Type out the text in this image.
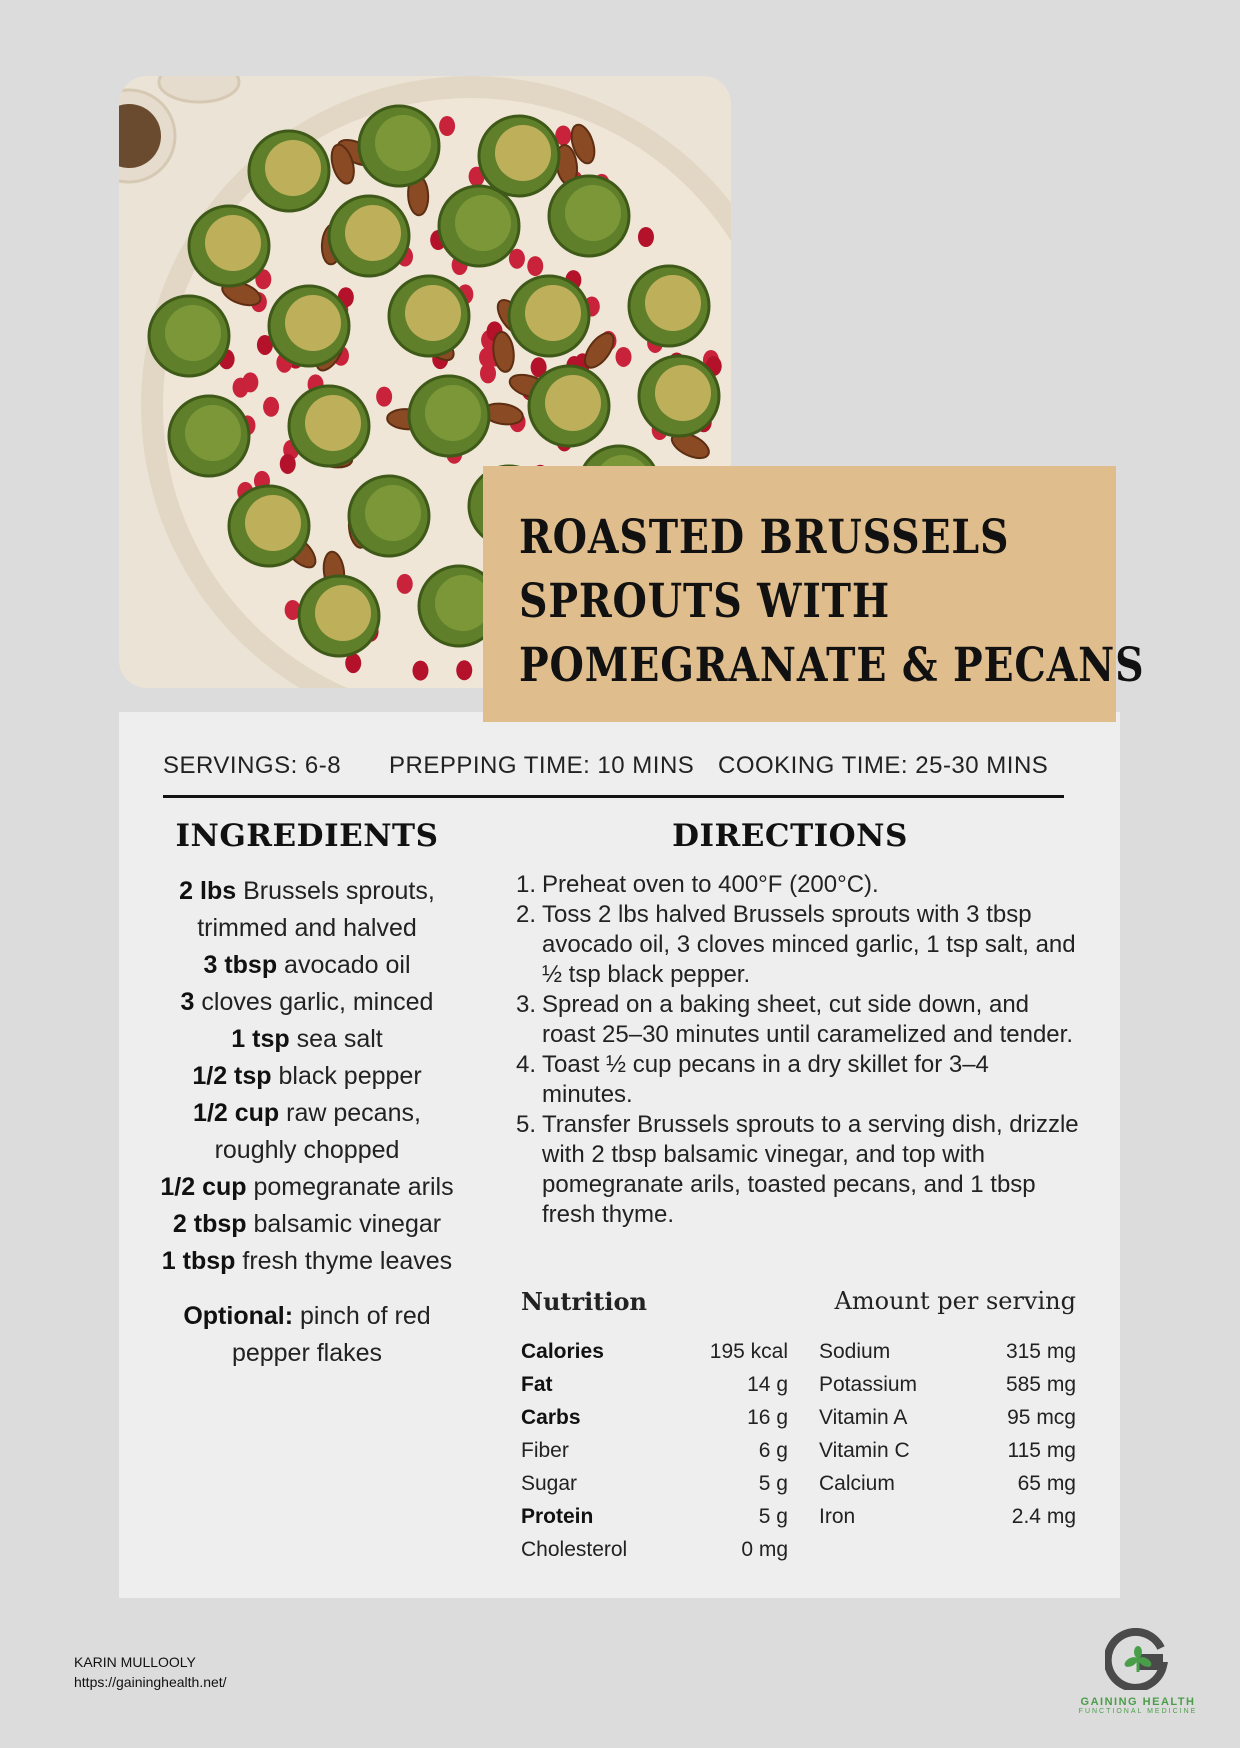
ROASTED BRUSSELS
SPROUTS WITH
POMEGRANATE & PECANS
SERVINGS: 6-8 PREPPING TIME: 10 MINS COOKING TIME: 25-30 MINS
INGREDIENTS	DIRECTIONS

2 lbs Brussels sprouts, trimmed and halved

3 tbsp avocado oil

3 cloves garlic, minced

1 tsp sea salt

1/2 tsp black pepper

1/2 cup raw pecans, roughly chopped

1/2 cup pomegranate arils

2 tbsp balsamic vinegar

1 tbsp fresh thyme leaves

Optional: pinch of red pepper flakes

1. Preheat oven to 400°F (200°C).
2. Toss 2 lbs halved Brussels sprouts with 3 tbsp avocado oil, 3 cloves minced garlic, 1 tsp salt, and ½ tsp black pepper.
3. Spread on a baking sheet, cut side down, and roast 25–30 minutes until caramelized and tender.
4. Toast ½ cup pecans in a dry skillet for 3–4 minutes.
5. Transfer Brussels sprouts to a serving dish, drizzle with 2 tbsp balsamic vinegar, and top with pomegranate arils, toasted pecans, and 1 tbsp fresh thyme.
Nutrition	Amount per serving
Calories	195 kcal
Fat	14 g
Carbs	16 g
Fiber	6 g
Sugar	5 g
Protein	5 g
Cholesterol	0 mg
Sodium	315 mg
Potassium	585 mg
Vitamin A	95 mcg
Vitamin C	115 mg
Calcium	65 mg
Iron	2.4 mg
KARIN MULLOOLY
https://gaininghealth.net/
GAINING HEALTH
FUNCTIONAL MEDICINE
